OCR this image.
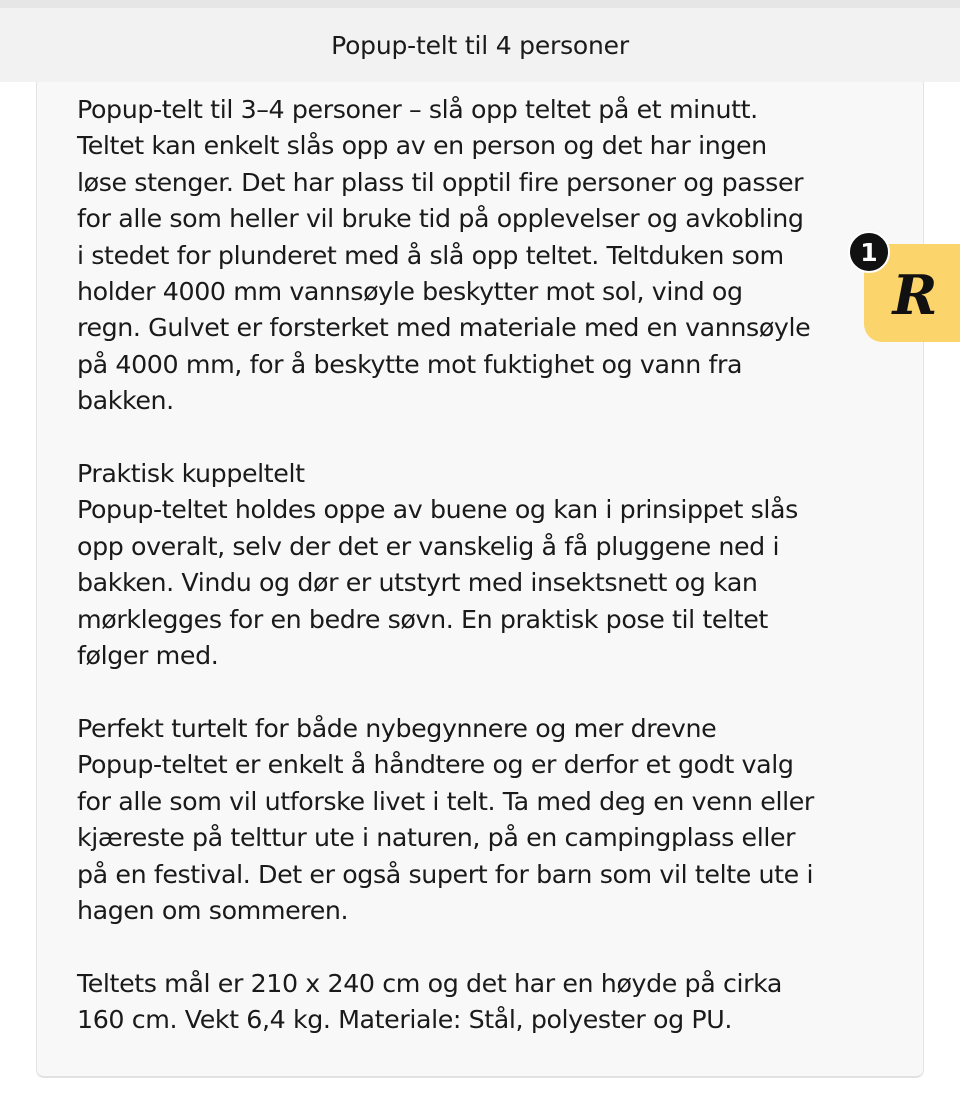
Popup-telt til 4 personer

Popup-telt til 3–4 personer – slå opp teltet på et minutt.
Teltet kan enkelt slås opp av en person og det har ingen
løse stenger. Det har plass til opptil fire personer og passer
for alle som heller vil bruke tid på opplevelser og avkobling
i stedet for plunderet med å slå opp teltet. Teltduken som
holder 4000 mm vannsøyle beskytter mot sol, vind og
regn. Gulvet er forsterket med materiale med en vannsøyle
på 4000 mm, for å beskytte mot fuktighet og vann fra
bakken.

Praktisk kuppeltelt
Popup-teltet holdes oppe av buene og kan i prinsippet slås
opp overalt, selv der det er vanskelig å få pluggene ned i
bakken. Vindu og dør er utstyrt med insektsnett og kan
mørklegges for en bedre søvn. En praktisk pose til teltet
følger med.

Perfekt turtelt for både nybegynnere og mer drevne
Popup-teltet er enkelt å håndtere og er derfor et godt valg
for alle som vil utforske livet i telt. Ta med deg en venn eller
kjæreste på telttur ute i naturen, på en campingplass eller
på en festival. Det er også supert for barn som vil telte ute i
hagen om sommeren.

Teltets mål er 210 x 240 cm og det har en høyde på cirka
160 cm. Vekt 6,4 kg. Materiale: Stål, polyester og PU.

R
1
